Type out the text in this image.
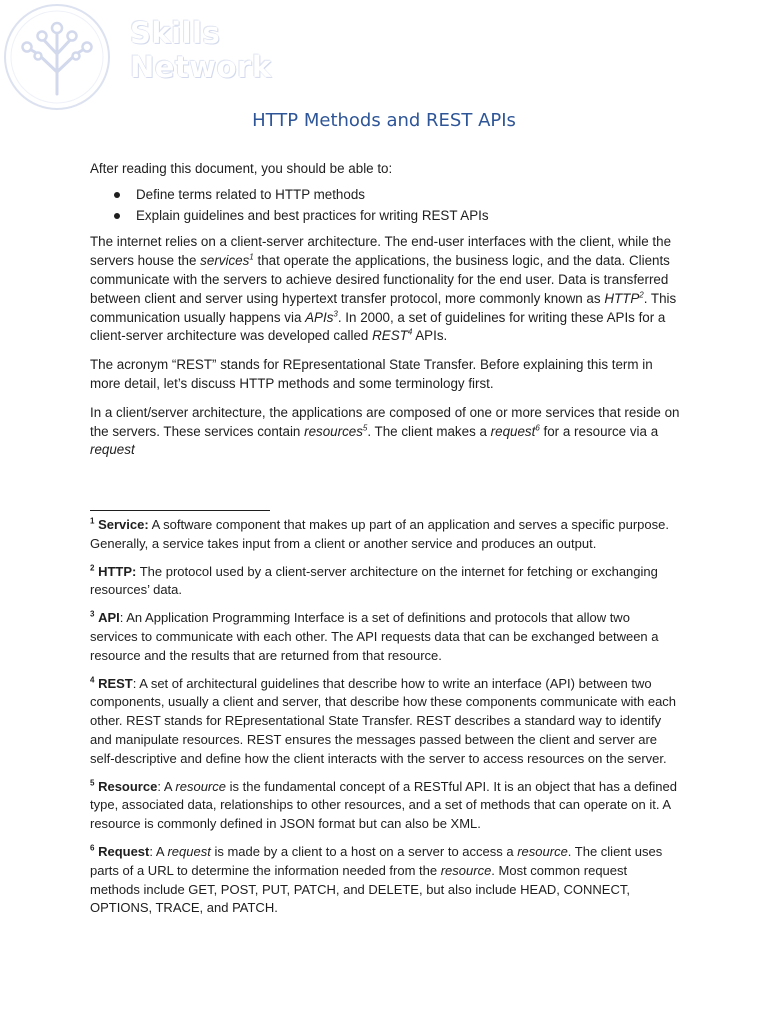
Skills
Network
HTTP Methods and REST APIs

After reading this document, you should be able to:

Define terms related to HTTP methods
Explain guidelines and best practices for writing REST APIs

The internet relies on a client-server architecture. The end-user interfaces with the client, while the servers house the services$^1$ that operate the applications, the business logic, and the data. Clients communicate with the servers to achieve desired functionality for the end user. Data is transferred between client and server using hypertext transfer protocol, more commonly known as HTTP$^2$. This communication usually happens via APIs$^3$. In 2000, a set of guidelines for writing these APIs for a client-server architecture was developed called REST$^4$ APIs.

The acronym “REST” stands for REpresentational State Transfer. Before explaining this term in more detail, let’s discuss HTTP methods and some terminology first.

In a client/server architecture, the applications are composed of one or more services that reside on the servers. These services contain resources$^5$. The client makes a request$^6$ for a resource via a request

$^1$ Service: A software component that makes up part of an application and serves a specific purpose. Generally, a service takes input from a client or another service and produces an output.

$^2$ HTTP: The protocol used by a client-server architecture on the internet for fetching or exchanging resources’ data.

$^3$ API: An Application Programming Interface is a set of definitions and protocols that allow two services to communicate with each other. The API requests data that can be exchanged between a resource and the results that are returned from that resource.

$^4$ REST: A set of architectural guidelines that describe how to write an interface (API) between two components, usually a client and server, that describe how these components communicate with each other. REST stands for REpresentational State Transfer. REST describes a standard way to identify and manipulate resources. REST ensures the messages passed between the client and server are self-descriptive and define how the client interacts with the server to access resources on the server.

$^5$ Resource: A resource is the fundamental concept of a RESTful API. It is an object that has a defined type, associated data, relationships to other resources, and a set of methods that can operate on it. A resource is commonly defined in JSON format but can also be XML.

$^6$ Request: A request is made by a client to a host on a server to access a resource. The client uses parts of a URL to determine the information needed from the resource. Most common request methods include GET, POST, PUT, PATCH, and DELETE, but also include HEAD, CONNECT, OPTIONS, TRACE, and PATCH.
